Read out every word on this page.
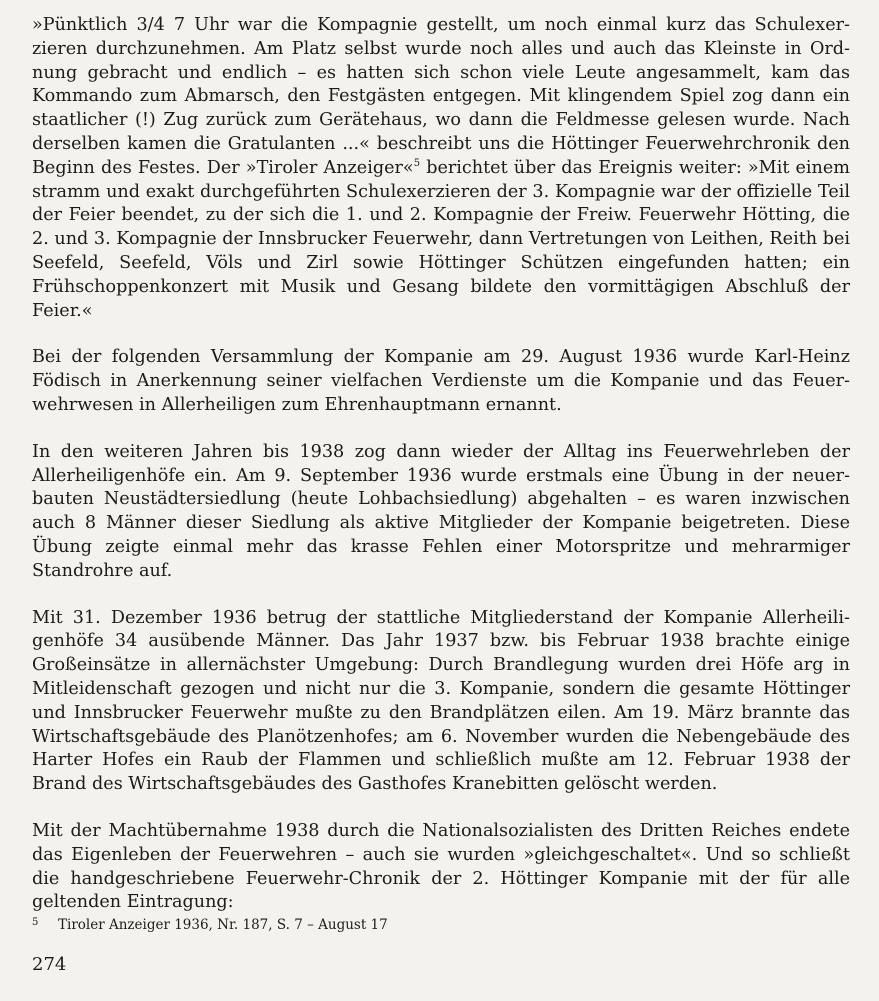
»Pünktlich 3/4 7 Uhr war die Kompagnie gestellt, um noch einmal kurz das Schulexerzieren durchzunehmen. Am Platz selbst wurde noch alles und auch das Kleinste in Ordnung gebracht und endlich – es hatten sich schon viele Leute angesammelt, kam das Kommando zum Abmarsch, den Festgästen entgegen. Mit klingendem Spiel zog dann ein staatlicher (!) Zug zurück zum Gerätehaus, wo dann die Feldmesse gelesen wurde. Nach derselben kamen die Gratulanten ...« beschreibt uns die Höttinger Feuerwehrchronik den Beginn des Festes. Der »Tiroler Anzeiger«$^5$ berichtet über das Ereignis weiter: »Mit einem stramm und exakt durchgeführten Schulexerzieren der 3. Kompagnie war der offizielle Teil der Feier beendet, zu der sich die 1. und 2. Kompagnie der Freiw. Feuerwehr Hötting, die 2. und 3. Kompagnie der Innsbrucker Feuerwehr, dann Vertretungen von Leithen, Reith bei Seefeld, Seefeld, Völs und Zirl sowie Höttinger Schützen eingefunden hatten; ein Frühschoppenkonzert mit Musik und Gesang bildete den vormittägigen Abschluß der Feier.«

Bei der folgenden Versammlung der Kompanie am 29. August 1936 wurde Karl-Heinz Födisch in Anerkennung seiner vielfachen Verdienste um die Kompanie und das Feuerwehrwesen in Allerheiligen zum Ehrenhauptmann ernannt.

In den weiteren Jahren bis 1938 zog dann wieder der Alltag ins Feuerwehrleben der Allerheiligenhöfe ein. Am 9. September 1936 wurde erstmals eine Übung in der neuerbauten Neustädtersiedlung (heute Lohbachsiedlung) abgehalten – es waren inzwischen auch 8 Männer dieser Siedlung als aktive Mitglieder der Kompanie beigetreten. Diese Übung zeigte einmal mehr das krasse Fehlen einer Motorspritze und mehrarmiger Standrohre auf.

Mit 31. Dezember 1936 betrug der stattliche Mitgliederstand der Kompanie Allerheiligenhöfe 34 ausübende Männer. Das Jahr 1937 bzw. bis Februar 1938 brachte einige Großeinsätze in allernächster Umgebung: Durch Brandlegung wurden drei Höfe arg in Mitleidenschaft gezogen und nicht nur die 3. Kompanie, sondern die gesamte Höttinger und Innsbrucker Feuerwehr mußte zu den Brandplätzen eilen. Am 19. März brannte das Wirtschaftsgebäude des Planötzenhofes; am 6. November wurden die Nebengebäude des Harter Hofes ein Raub der Flammen und schließlich mußte am 12. Februar 1938 der Brand des Wirtschaftsgebäudes des Gasthofes Kranebitten gelöscht werden.

Mit der Machtübernahme 1938 durch die Nationalsozialisten des Dritten Reiches endete das Eigenleben der Feuerwehren – auch sie wurden »gleichgeschaltet«. Und so schließt die handgeschriebene Feuerwehr-Chronik der 2. Höttinger Kompanie mit der für alle geltenden Eintragung:

5 Tiroler Anzeiger 1936, Nr. 187, S. 7 – August 17
274
